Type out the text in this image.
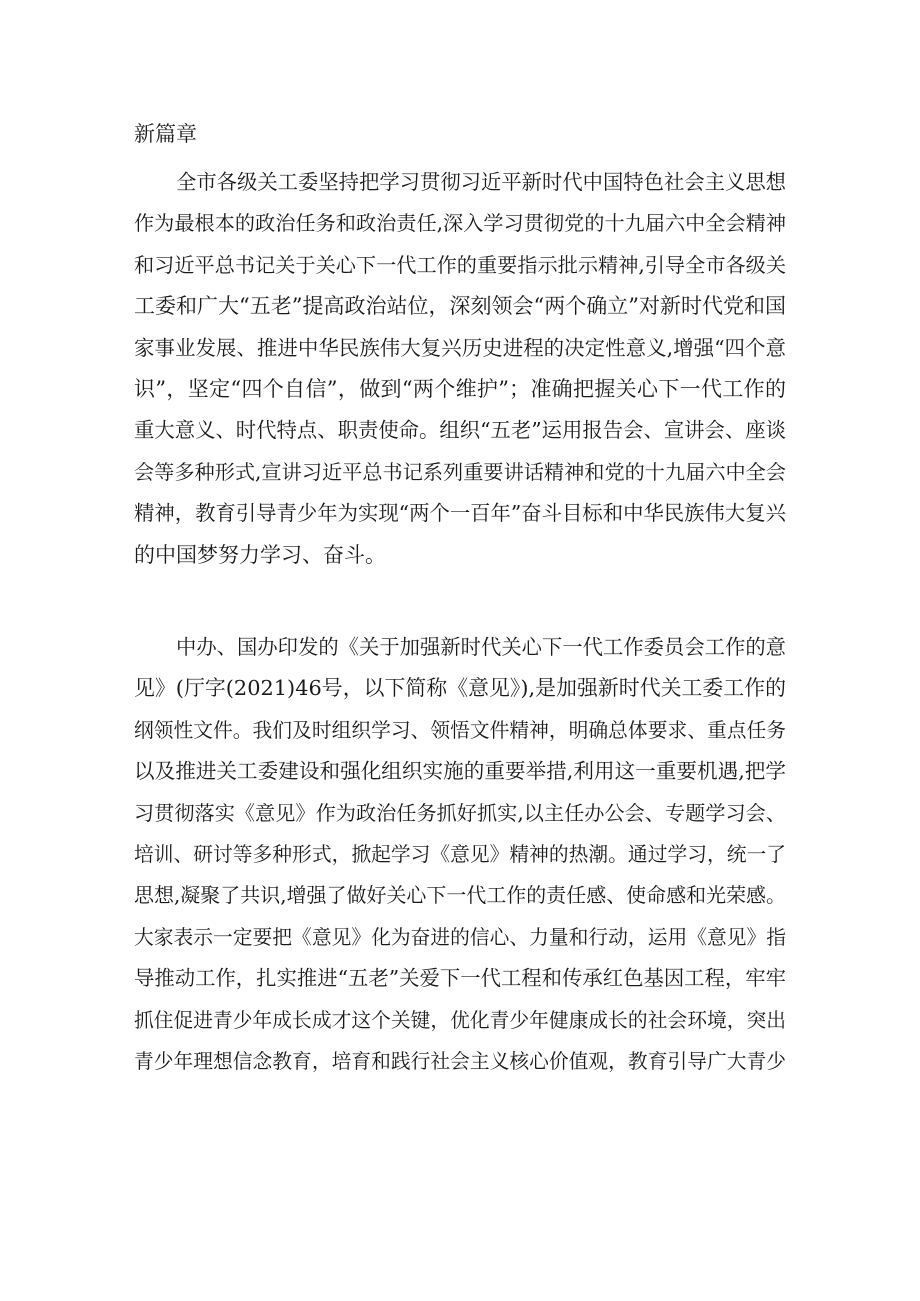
新篇章
全市各级关工委坚持把学习贯彻习近平新时代中国特色社会主义思想
作为最根本的政治任务和政治责任,深入学习贯彻党的十九届六中全会精神
和习近平总书记关于关心下一代工作的重要指示批示精神,引导全市各级关
工委和广大“五老”提高政治站位，深刻领会“两个确立”对新时代党和国
家事业发展、推进中华民族伟大复兴历史进程的决定性意义,增强“四个意
识”，坚定“四个自信”，做到“两个维护”；准确把握关心下一代工作的
重大意义、时代特点、职责使命。组织“五老”运用报告会、宣讲会、座谈
会等多种形式,宣讲习近平总书记系列重要讲话精神和党的十九届六中全会
精神，教育引导青少年为实现“两个一百年”奋斗目标和中华民族伟大复兴
的中国梦努力学习、奋斗。
中办、国办印发的《关于加强新时代关心下一代工作委员会工作的意
见》(厅字(2021)46号，以下简称《意见》),是加强新时代关工委工作的
纲领性文件。我们及时组织学习、领悟文件精神，明确总体要求、重点任务
以及推进关工委建设和强化组织实施的重要举措,利用这一重要机遇,把学
习贯彻落实《意见》作为政治任务抓好抓实,以主任办公会、专题学习会、
培训、研讨等多种形式，掀起学习《意见》精神的热潮。通过学习，统一了
思想,凝聚了共识,增强了做好关心下一代工作的责任感、使命感和光荣感。
大家表示一定要把《意见》化为奋进的信心、力量和行动，运用《意见》指
导推动工作，扎实推进“五老”关爱下一代工程和传承红色基因工程，牢牢
抓住促进青少年成长成才这个关键，优化青少年健康成长的社会环境，突出
青少年理想信念教育，培育和践行社会主义核心价值观，教育引导广大青少
